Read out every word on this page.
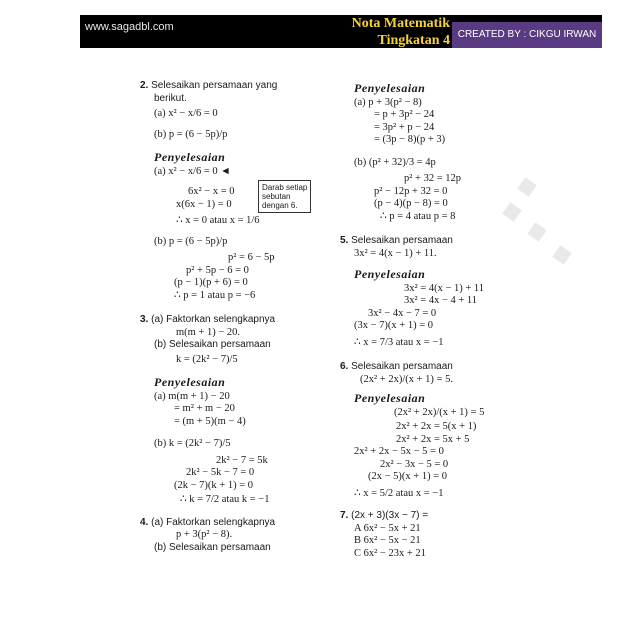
www.sagadbl.com	Nota Matematik
Tingkatan 4 CREATED BY : CIKGU IRWAN
2. Selesaikan persamaan yang
berikut.
(a) x² − x/6 = 0
(b) p = (6 − 5p)/p
Penyelesaian
(a) x² − x/6 = 0 ◄
6x² − x = 0
x(6x − 1) = 0
∴ x = 0 atau x = 1/6
(b) p = (6 − 5p)/p
p² = 6 − 5p
p² + 5p − 6 = 0
(p − 1)(p + 6) = 0
∴ p = 1 atau p = −6
3. (a) Faktorkan selengkapnya
m(m + 1) − 20.
(b) Selesaikan persamaan
k = (2k² − 7)/5
Penyelesaian
(a) m(m + 1) − 20
= m² + m − 20
= (m + 5)(m − 4)
(b) k = (2k² − 7)/5
2k² − 7 = 5k
2k² − 5k − 7 = 0
(2k − 7)(k + 1) = 0
∴ k = 7/2 atau k = −1
4. (a) Faktorkan selengkapnya
p + 3(p² − 8).
(b) Selesaikan persamaan
Darab setiap
sebutan
dengan 6.
Penyelesaian
(a) p + 3(p² − 8)
= p + 3p² − 24
= 3p² + p − 24
= (3p − 8)(p + 3)
(b) (p² + 32)/3 = 4p
p² + 32 = 12p
p² − 12p + 32 = 0
(p − 4)(p − 8) = 0
∴ p = 4 atau p = 8
5. Selesaikan persamaan
3x² = 4(x − 1) + 11.
Penyelesaian
3x² = 4(x − 1) + 11
3x² = 4x − 4 + 11
3x² − 4x − 7 = 0
(3x − 7)(x + 1) = 0
∴ x = 7/3 atau x = −1
6. Selesaikan persamaan
(2x² + 2x)/(x + 1) = 5.
Penyelesaian
(2x² + 2x)/(x + 1) = 5
2x² + 2x = 5(x + 1)
2x² + 2x = 5x + 5
2x² + 2x − 5x − 5 = 0
2x² − 3x − 5 = 0
(2x − 5)(x + 1) = 0
∴ x = 5/2 atau x = −1
7. (2x + 3)(3x − 7) =
A 6x² − 5x + 21
B 6x² − 5x − 21
C 6x² − 23x + 21
